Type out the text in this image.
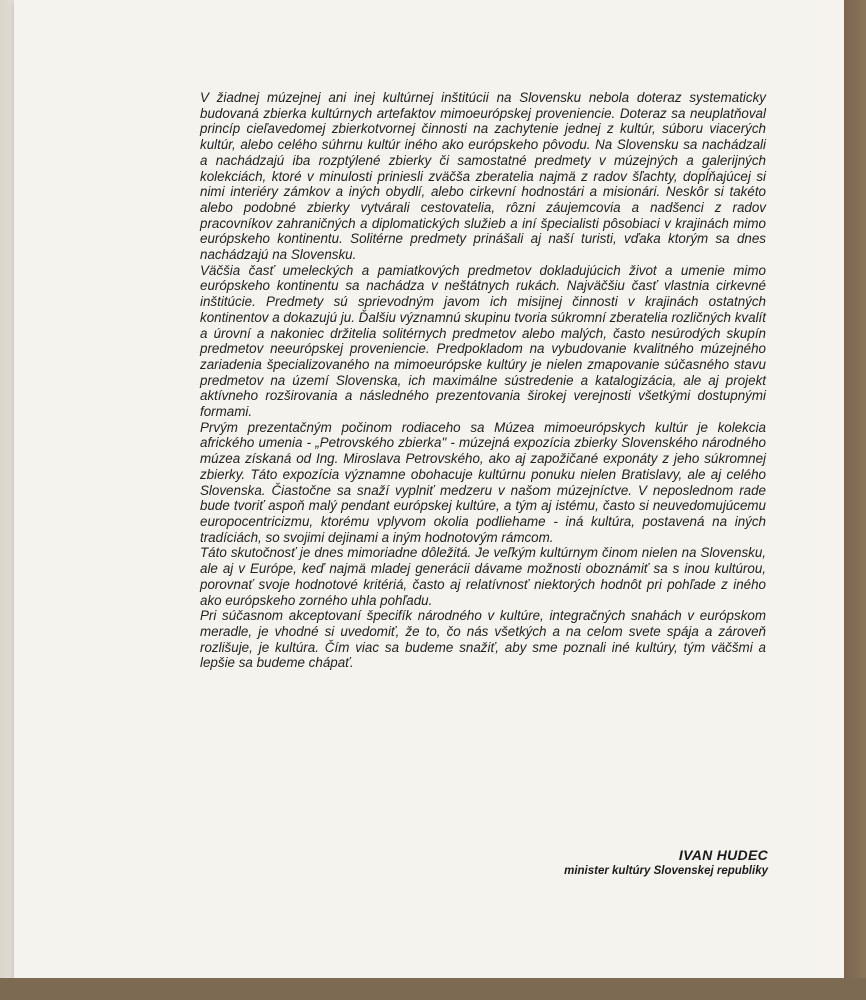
V žiadnej múzejnej ani inej kultúrnej inštitúcii na Slovensku nebola doteraz systematicky budovaná zbierka kultúrnych artefaktov mimoeurópskej proveniencie. Doteraz sa neuplatňoval princíp cieľavedomej zbierkotvornej činnosti na zachytenie jednej z kultúr, súboru viacerých kultúr, alebo celého súhrnu kultúr iného ako európskeho pôvodu. Na Slovensku sa nachádzali a nachádzajú iba rozptýlené zbierky či samostatné predmety v múzejných a galerijných kolekciách, ktoré v minulosti priniesli zväčša zberatelia najmä z radov šľachty, dopĺňajúcej si nimi interiéry zámkov a iných obydlí, alebo cirkevní hodnostári a misionári. Neskôr si takéto alebo podobné zbierky vytvárali cestovatelia, rôzni záujemcovia a nadšenci z radov pracovníkov zahraničných a diplomatických služieb a iní špecialisti pôsobiaci v krajinách mimo európskeho kontinentu. Solitérne predmety prinášali aj naší turisti, vďaka ktorým sa dnes nachádzajú na Slovensku.

Väčšia časť umeleckých a pamiatkových predmetov dokladujúcich život a umenie mimo európskeho kontinentu sa nachádza v neštátnych rukách. Najväčšiu časť vlastnia cirkevné inštitúcie. Predmety sú sprievodným javom ich misijnej činnosti v krajinách ostatných kontinentov a dokazujú ju. Ďalšiu významnú skupinu tvoria súkromní zberatelia rozličných kvalít a úrovní a nakoniec držitelia solitérnych predmetov alebo malých, často nesúrodých skupín predmetov neeurópskej proveniencie. Predpokladom na vybudovanie kvalitného múzejného zariadenia špecializovaného na mimoeurópske kultúry je nielen zmapovanie súčasného stavu predmetov na území Slovenska, ich maximálne sústredenie a katalogizácia, ale aj projekt aktívneho rozširovania a následného prezentovania širokej verejnosti všetkými dostupnými formami.

Prvým prezentačným počinom rodiaceho sa Múzea mimoeurópskych kultúr je kolekcia afrického umenia - „Petrovského zbierka" - múzejná expozícia zbierky Slovenského národného múzea získaná od Ing. Miroslava Petrovského, ako aj zapožičané exponáty z jeho súkromnej zbierky. Táto expozícia významne obohacuje kultúrnu ponuku nielen Bratislavy, ale aj celého Slovenska. Čiastočne sa snaží vyplniť medzeru v našom múzejníctve. V neposlednom rade bude tvoriť aspoň malý pendant európskej kultúre, a tým aj istému, často si neuvedomujúcemu europocentricizmu, ktorému vplyvom okolia podliehame - iná kultúra, postavená na iných tradíciách, so svojimi dejinami a iným hodnotovým rámcom.

Táto skutočnosť je dnes mimoriadne dôležitá. Je veľkým kultúrnym činom nielen na Slovensku, ale aj v Európe, keď najmä mladej generácii dávame možnosti oboznámiť sa s inou kultúrou, porovnať svoje hodnotové kritériá, často aj relatívnosť niektorých hodnôt pri pohľade z iného ako európskeho zorného uhla pohľadu.

Pri súčasnom akceptovaní špecifík národného v kultúre, integračných snahách v európskom meradle, je vhodné si uvedomiť, že to, čo nás všetkých a na celom svete spája a zároveň rozlišuje, je kultúra. Čím viac sa budeme snažiť, aby sme poznali iné kultúry, tým väčšmi a lepšie sa budeme chápať.

IVAN HUDEC
minister kultúry Slovenskej republiky
